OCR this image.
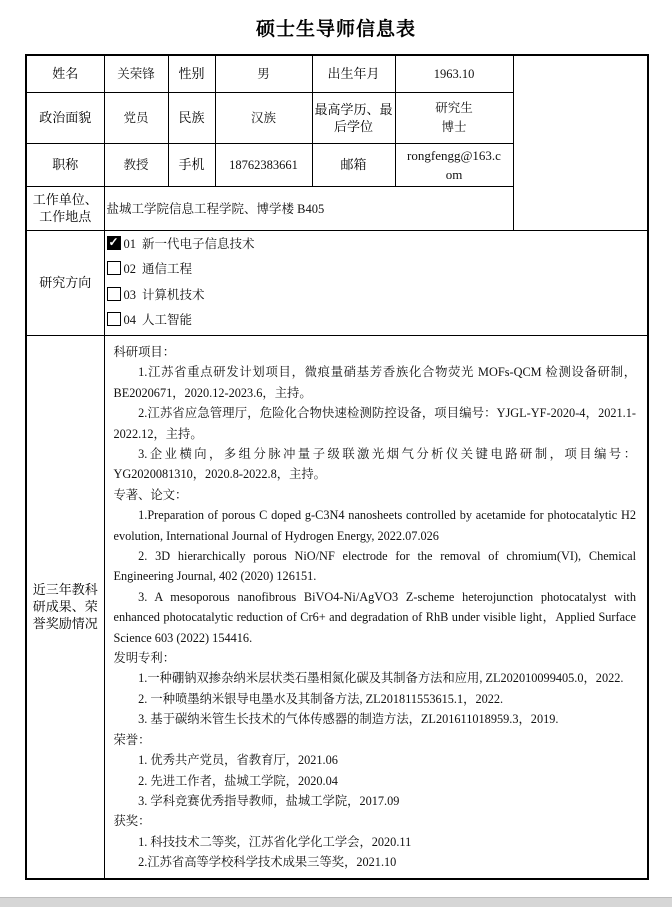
硕士生导师信息表
姓名	关荣锋	性别	男	出生年月	1963.10	
政治面貌	党员	民族	汉族	最高学历、最后学位	研究生
博士	

职称	教授	手机	18762383661	邮箱	rongfengg@163.com	
工作单位、工作地点	盐城工学院信息工程学院、博学楼 B405					
研究方向	
✓01 新一代电子信息技术
02 通信工程
03 计算机技术
04 人工智能

近三年教科研成果、荣誉奖励情况	
科研项目：

1.江苏省重点研发计划项目，微痕量硝基芳香族化合物荧光 MOFs-QCM 检测设备研制，BE2020671，2020.12-2023.6，主持。

2.江苏省应急管理厅，危险化合物快速检测防控设备，项目编号：YJGL-YF-2020-4，2021.1-2022.12，主持。

3.企业横向，多组分脉冲量子级联激光烟气分析仪关键电路研制，项目编号：YG2020081310，2020.8-2022.8，主持。

专著、论文：

1.Preparation of porous C doped g-C3N4 nanosheets controlled by acetamide for photocatalytic H2 evolution, International Journal of Hydrogen Energy, 2022.07.026

2. 3D hierarchically porous NiO/NF electrode for the removal of chromium(VI), Chemical Engineering Journal, 402 (2020) 126151.

3. A mesoporous nanofibrous BiVO4-Ni/AgVO3 Z-scheme heterojunction photocatalyst with enhanced photocatalytic reduction of Cr6+ and degradation of RhB under visible light，Applied Surface Science 603 (2022) 154416.

发明专利：

1.一种硼钠双掺杂纳米层状类石墨相氮化碳及其制备方法和应用, ZL202010099405.0，2022.

2. 一种喷墨纳米银导电墨水及其制备方法, ZL201811553615.1，2022.

3. 基于碳纳米管生长技术的气体传感器的制造方法，ZL201611018959.3，2019.

荣誉：

1. 优秀共产党员，省教育厅，2021.06

2. 先进工作者，盐城工学院，2020.04

3. 学科竞赛优秀指导教师，盐城工学院，2017.09

获奖：

1. 科技技术二等奖，江苏省化学化工学会，2020.11

2.江苏省高等学校科学技术成果三等奖，2021.10
